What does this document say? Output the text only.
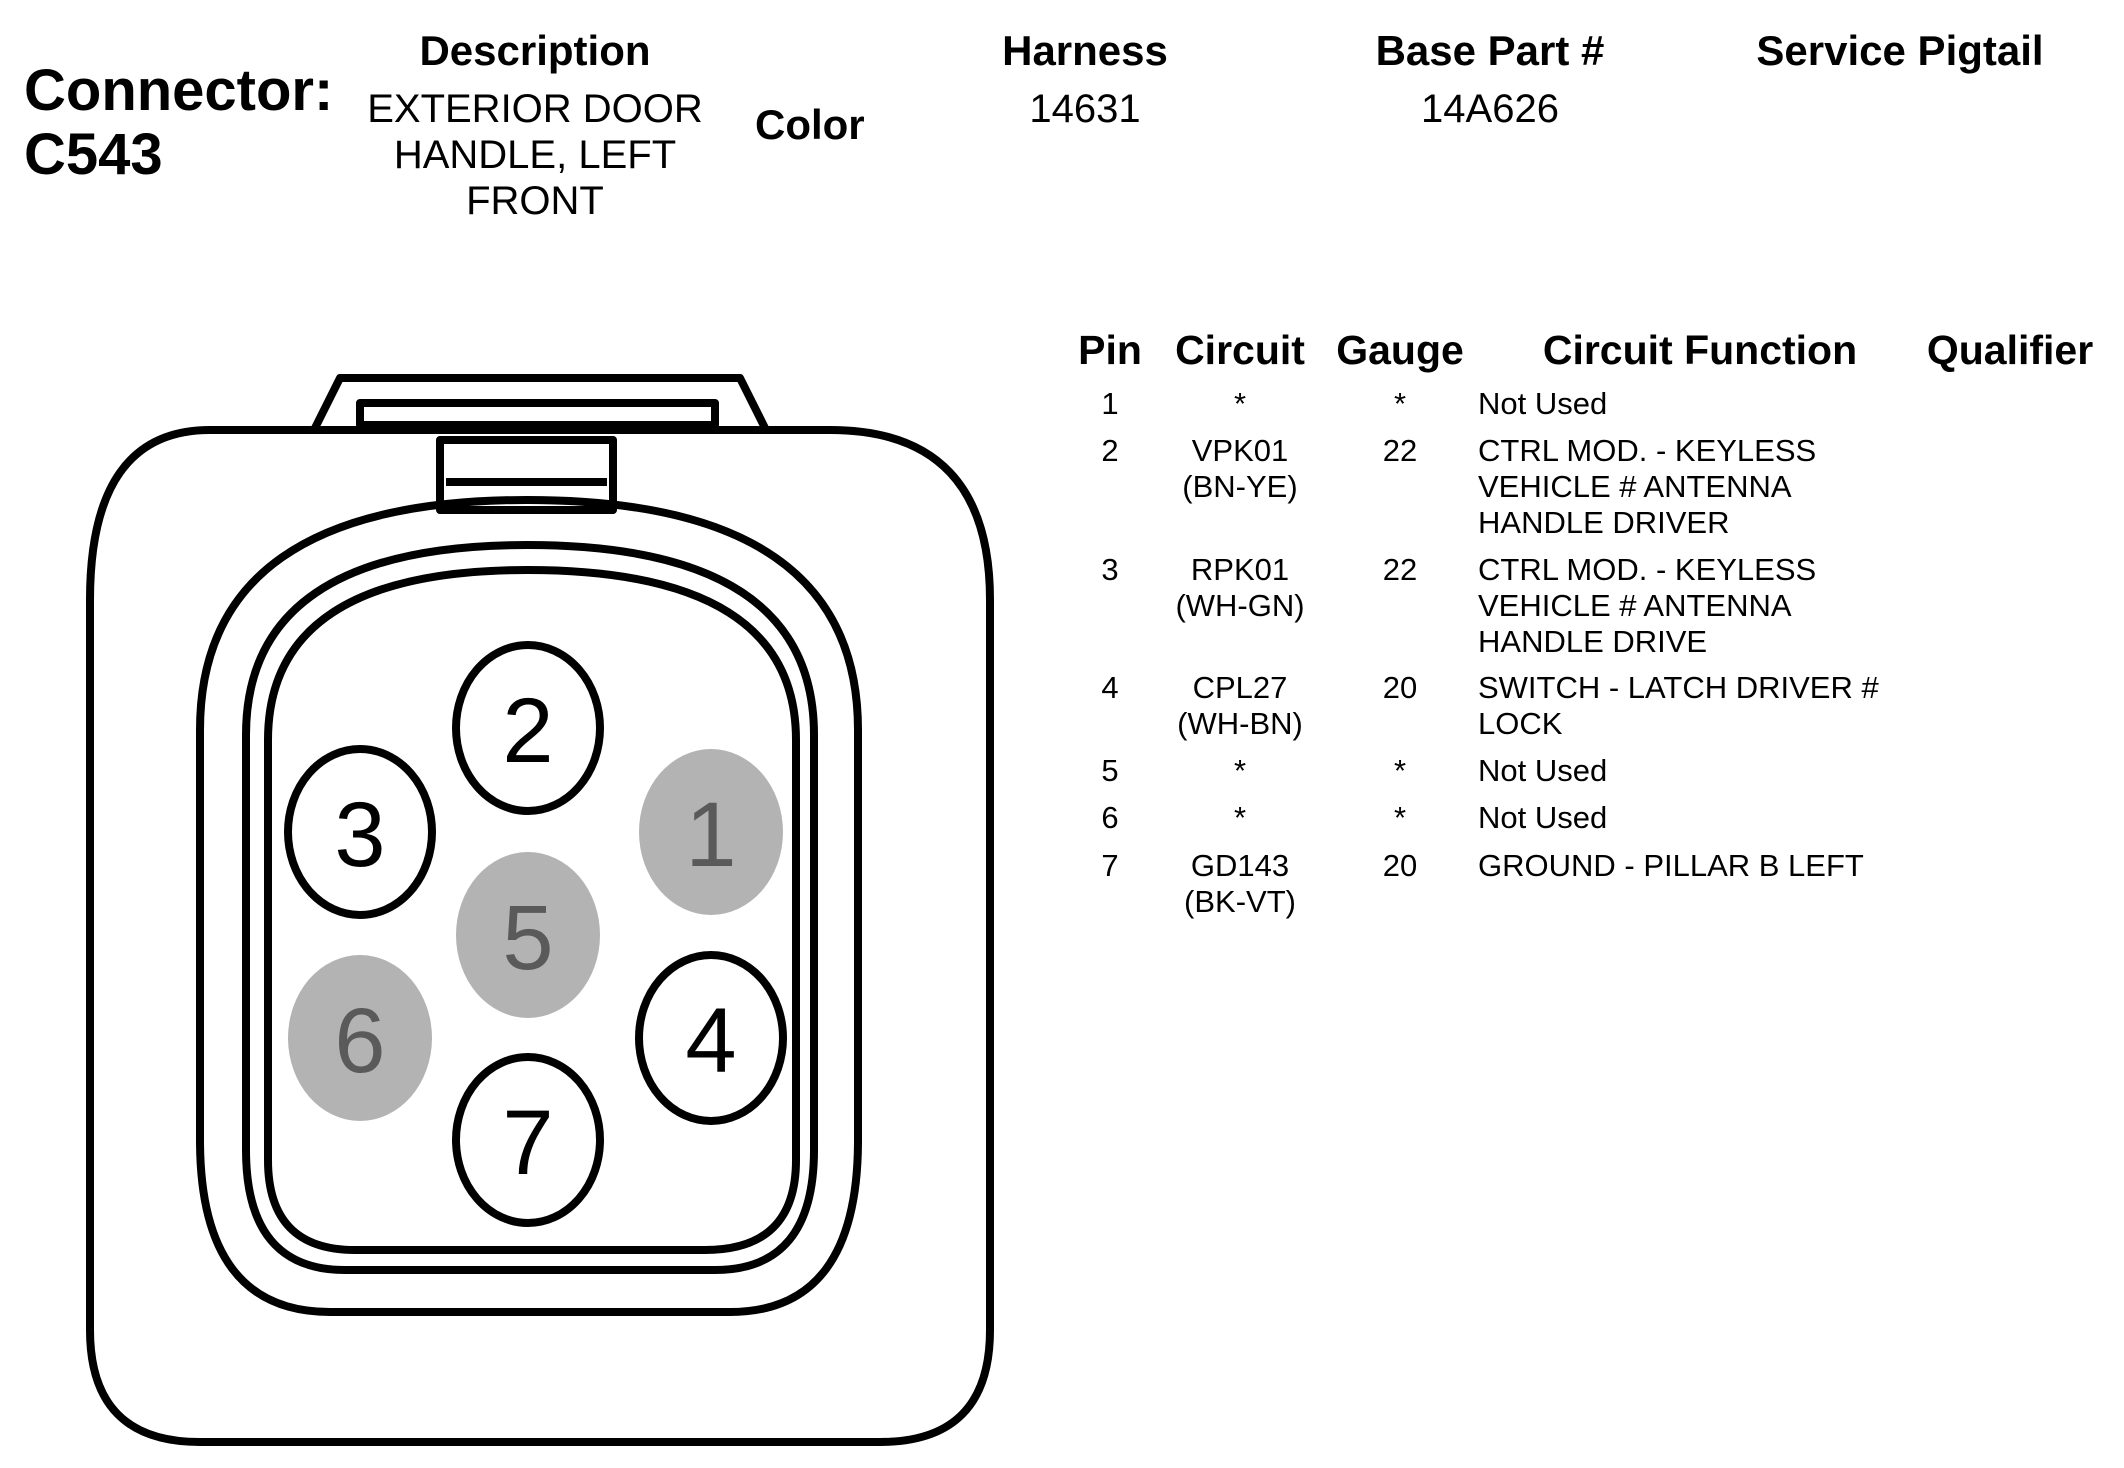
Connector:
C543
Description
EXTERIOR DOOR
HANDLE, LEFT
FRONT
Color
Harness
14631
Base Part #
14A626
Service Pigtail
Pin Circuit Gauge	Circuit Function	Qualifier
1	*	*	Not Used
2	VPK01
(BN-YE)
22	CTRL MOD. - KEYLESS
VEHICLE # ANTENNA
HANDLE DRIVER
3	RPK01
(WH-GN)
22	CTRL MOD. - KEYLESS
VEHICLE # ANTENNA
HANDLE DRIVE
4	CPL27
(WH-BN)
20	SWITCH - LATCH DRIVER #
LOCK
5	*	*	Not Used
6	*	*	Not Used
7	GD143
(BK-VT)
20	GROUND - PILLAR B LEFT
1
2
3
4
5
6
7
